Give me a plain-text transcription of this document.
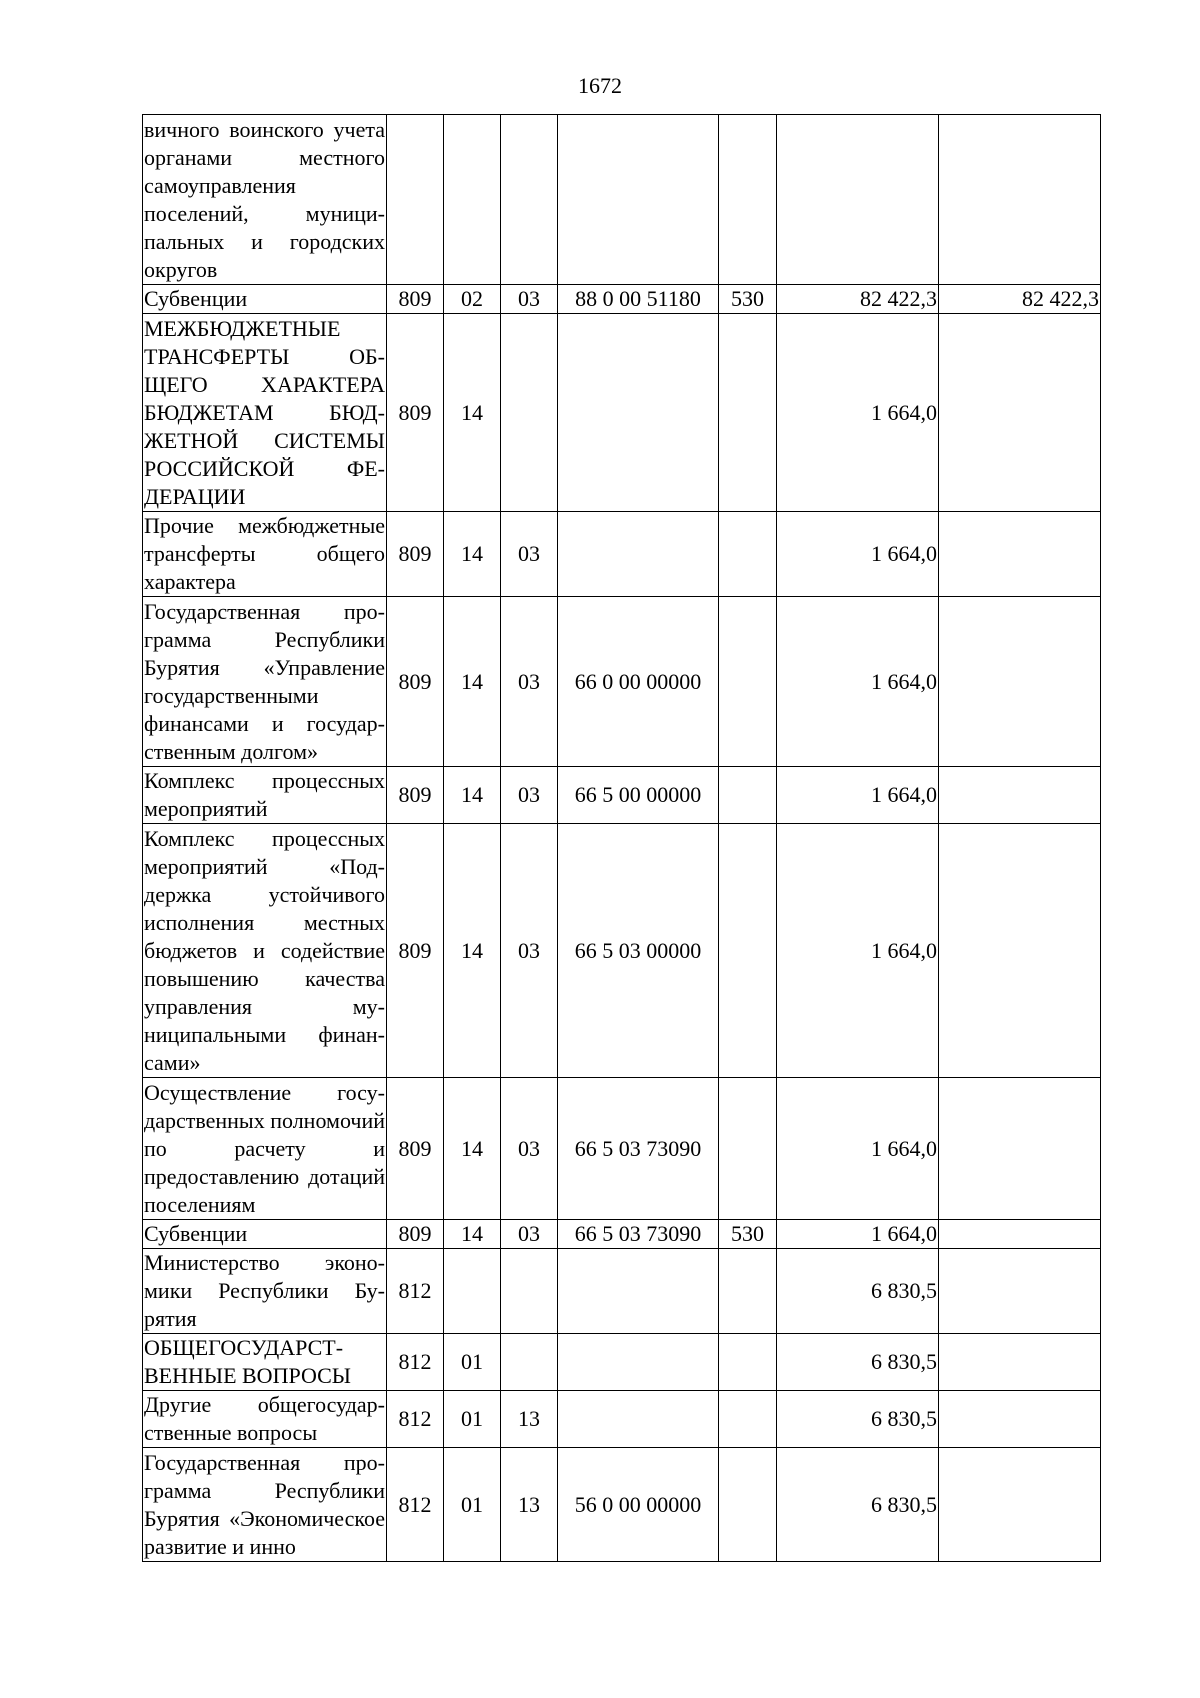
1672
вичного воинского учета органами местного самоуправления поселений, муниципальных и городских округов							
Субвенции	809	02	03	88 0 00 51180	530	82 422,3	82 422,3
МЕЖБЮДЖЕТНЫЕ ТРАНСФЕРТЫ ОБЩЕГО ХАРАКТЕРА БЮДЖЕТАМ БЮДЖЕТНОЙ СИСТЕМЫ РОССИЙСКОЙ ФЕДЕРАЦИИ	809	14				1 664,0	
Прочие межбюджетные трансферты общего характера	809	14	03			1 664,0	
Государственная программа Республики Бурятия «Управление государственными финансами и государственным долгом»	809	14	03	66 0 00 00000		1 664,0	
Комплекс процессных мероприятий	809	14	03	66 5 00 00000		1 664,0	
Комплекс процессных мероприятий «Поддержка устойчивого исполнения местных бюджетов и содействие повышению качества управления муниципальными финансами»	809	14	03	66 5 03 00000		1 664,0	
Осуществление государственных полномочий по расчету и предоставлению дотаций поселениям	809	14	03	66 5 03 73090		1 664,0	
Субвенции	809	14	03	66 5 03 73090	530	1 664,0	
Министерство экономики Республики Бурятия	812					6 830,5	
ОБЩЕГОСУДАРСТВЕННЫЕ ВОПРОСЫ	812	01				6 830,5	
Другие общегосударственные вопросы	812	01	13			6 830,5	
Государственная программа Республики Бурятия «Экономическое развитие и инно	812	01	13	56 0 00 00000		6 830,5	
